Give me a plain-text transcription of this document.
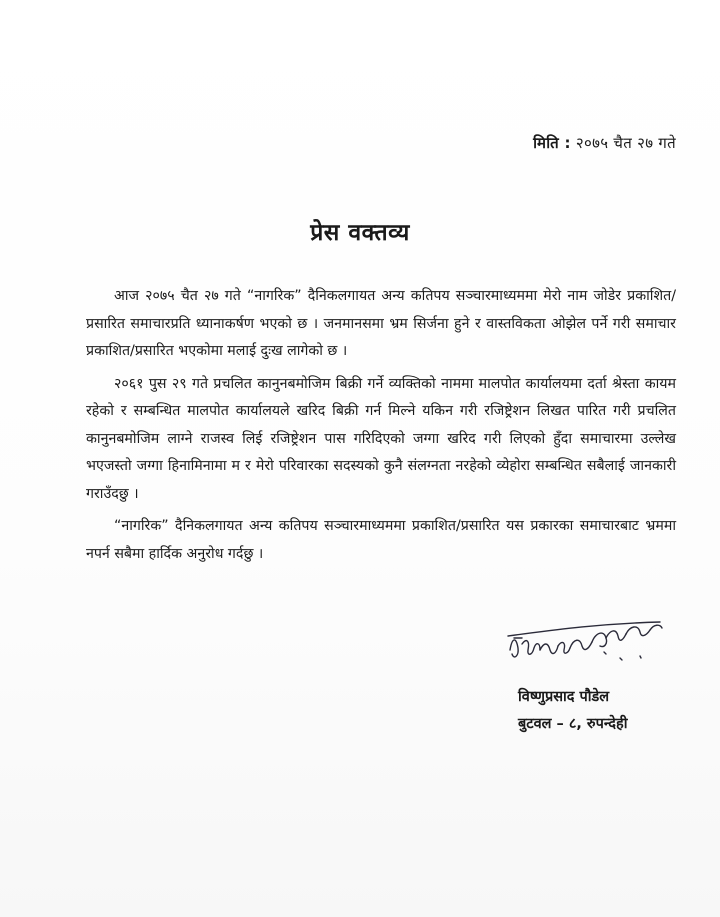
मिति : २०७५ चैत २७ गते
प्रेस वक्तव्य

आज २०७५ चैत २७ गते “नागरिक” दैनिकलगायत अन्य कतिपय सञ्चारमाध्यममा मेरो नाम जोडेर प्रकाशित/प्रसारित समाचारप्रति ध्यानाकर्षण भएको छ । जनमानसमा भ्रम सिर्जना हुने र वास्तविकता ओझेल पर्ने गरी समाचार प्रकाशित/प्रसारित भएकोमा मलाई दुःख लागेको छ ।

२०६१ पुस २९ गते प्रचलित कानुनबमोजिम बिक्री गर्ने व्यक्तिको नाममा मालपोत कार्यालयमा दर्ता श्रेस्ता कायम रहेको र सम्बन्धित मालपोत कार्यालयले खरिद बिक्री गर्न मिल्ने यकिन गरी रजिष्ट्रेशन लिखत पारित गरी प्रचलित कानुनबमोजिम लाग्ने राजस्व लिई रजिष्ट्रेशन पास गरिदिएको जग्गा खरिद गरी लिएको हुँदा समाचारमा उल्लेख भएजस्तो जग्गा हिनामिनामा म र मेरो परिवारका सदस्यको कुनै संलग्नता नरहेको व्येहोरा सम्बन्धित सबैलाई जानकारी गराउँदछु ।

“नागरिक” दैनिकलगायत अन्य कतिपय सञ्चारमाध्यममा प्रकाशित/प्रसारित यस प्रकारका समाचारबाट भ्रममा नपर्न सबैमा हार्दिक अनुरोध गर्दछु ।

विष्णुप्रसाद पौडेल
बुटवल – ८, रुपन्देही
